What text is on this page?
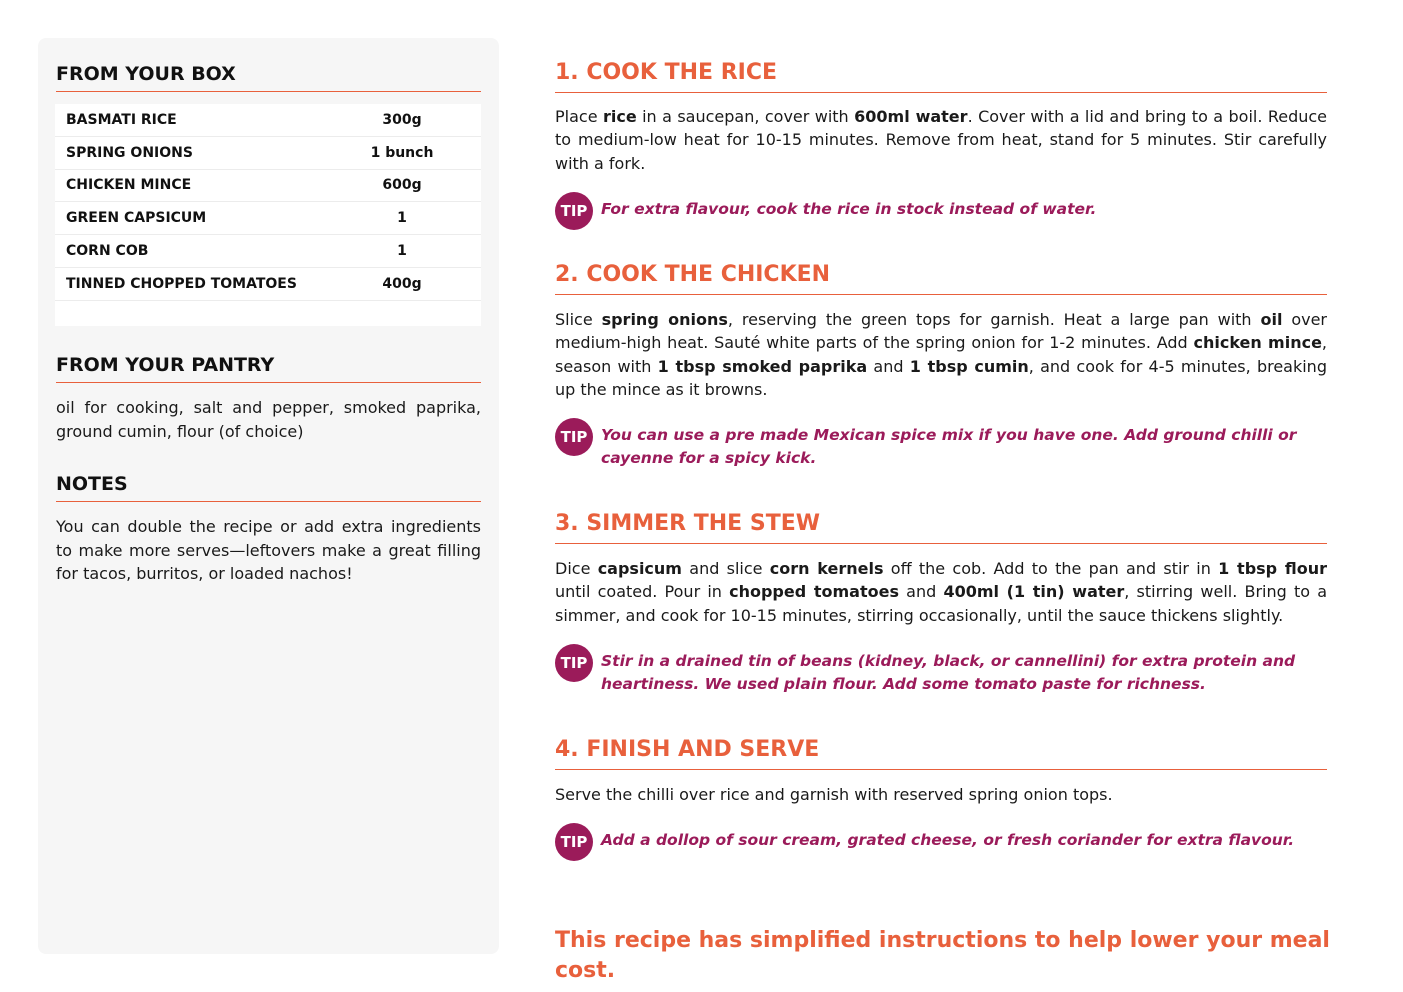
FROM YOUR BOX
BASMATI RICE	300g
SPRING ONIONS	1 bunch
CHICKEN MINCE	600g
GREEN CAPSICUM	1
CORN COB	1
TINNED CHOPPED TOMATOES	400g
FROM YOUR PANTRY

oil for cooking, salt and pepper, smoked paprika, ground cumin, flour (of choice)

NOTES

You can double the recipe or add extra ingredients to make more serves—leftovers make a great filling for tacos, burritos, or loaded nachos!

1. COOK THE RICE

Place rice in a saucepan, cover with 600ml water. Cover with a lid and bring to a boil. Reduce to medium-low heat for 10-15 minutes. Remove from heat, stand for 5 minutes. Stir carefully with a fork.

TIP For extra flavour, cook the rice in stock instead of water.
2. COOK THE CHICKEN

Slice spring onions, reserving the green tops for garnish. Heat a large pan with oil over medium-high heat. Sauté white parts of the spring onion for 1-2 minutes. Add chicken mince, season with 1 tbsp smoked paprika and 1 tbsp cumin, and cook for 4-5 minutes, breaking up the mince as it browns.

TIP You can use a pre made Mexican spice mix if you have one. Add ground chilli or cayenne for a spicy kick.
3. SIMMER THE STEW

Dice capsicum and slice corn kernels off the cob. Add to the pan and stir in 1 tbsp flour until coated. Pour in chopped tomatoes and 400ml (1 tin) water, stirring well. Bring to a simmer, and cook for 10-15 minutes, stirring occasionally, until the sauce thickens slightly.

TIP Stir in a drained tin of beans (kidney, black, or cannellini) for extra protein and heartiness. We used plain flour. Add some tomato paste for richness.
4. FINISH AND SERVE

Serve the chilli over rice and garnish with reserved spring onion tops.

TIP Add a dollop of sour cream, grated cheese, or fresh coriander for extra flavour.

This recipe has simplified instructions to help lower your meal cost.
